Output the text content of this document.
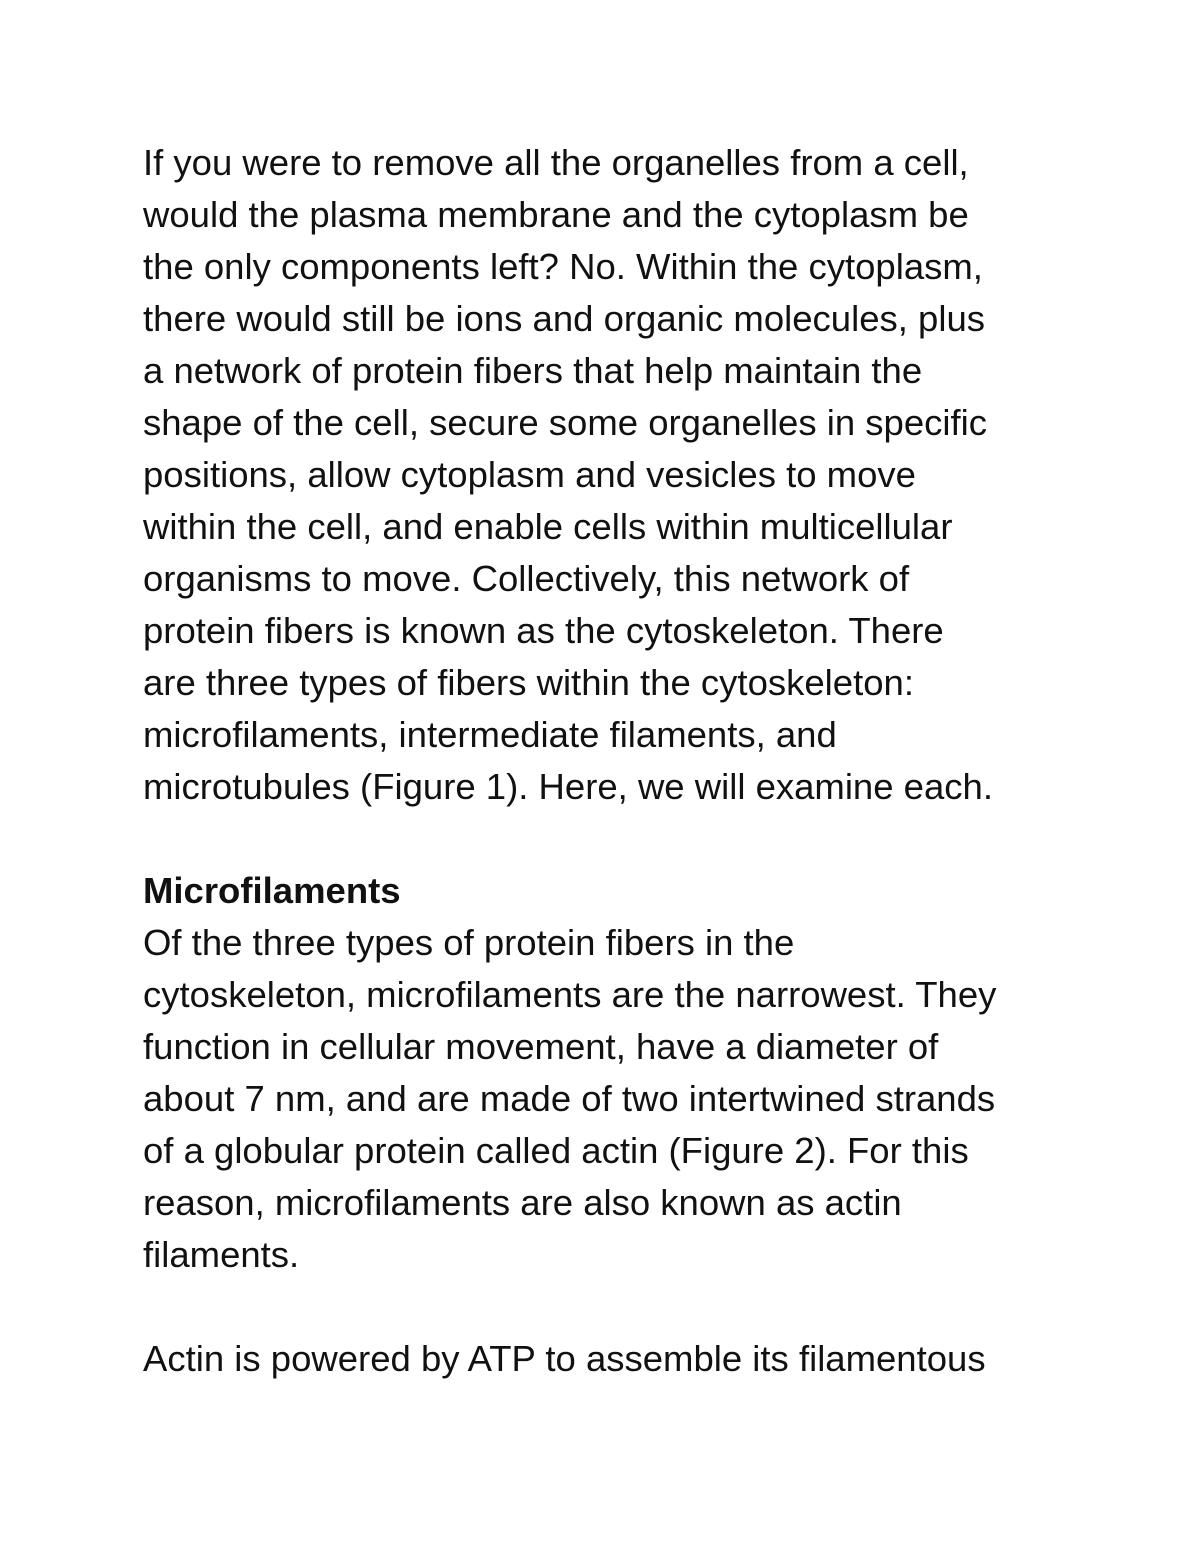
If you were to remove all the organelles from a cell,
would the plasma membrane and the cytoplasm be
the only components left? No. Within the cytoplasm,
there would still be ions and organic molecules, plus
a network of protein fibers that help maintain the
shape of the cell, secure some organelles in specific
positions, allow cytoplasm and vesicles to move
within the cell, and enable cells within multicellular
organisms to move. Collectively, this network of
protein fibers is known as the cytoskeleton. There
are three types of fibers within the cytoskeleton:
microfilaments, intermediate filaments, and
microtubules (Figure 1). Here, we will examine each.
Microfilaments
Of the three types of protein fibers in the
cytoskeleton, microfilaments are the narrowest. They
function in cellular movement, have a diameter of
about 7 nm, and are made of two intertwined strands
of a globular protein called actin (Figure 2). For this
reason, microfilaments are also known as actin
filaments.
Actin is powered by ATP to assemble its filamentous
